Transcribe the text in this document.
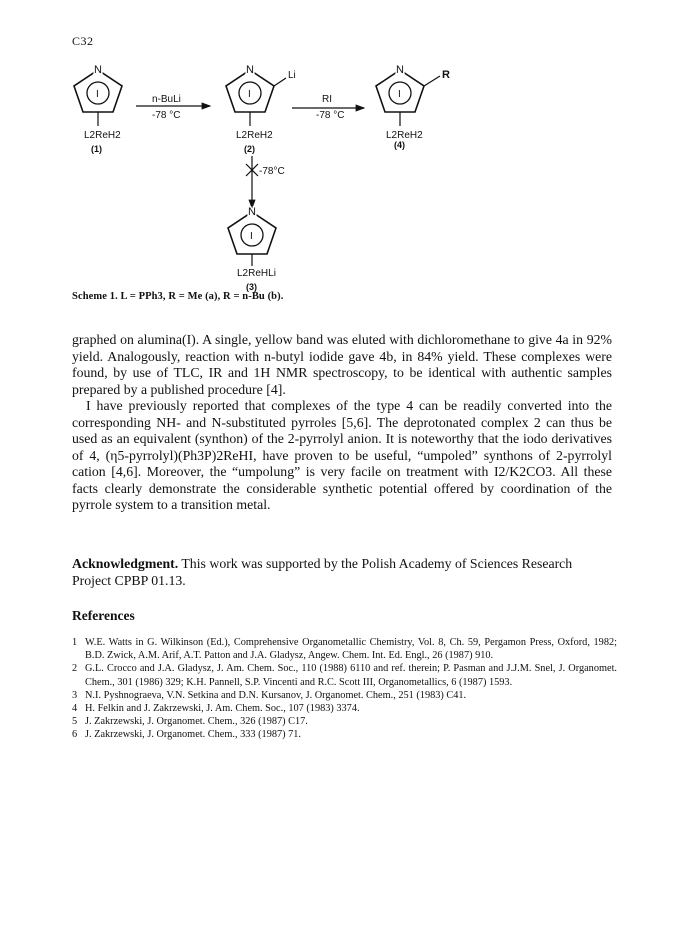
C32
I
N
L2ReH2
(1)
n-BuLi
-78 °C
I
N	Li
L2ReH2
(2)
RI
-78 °C
I
N	R
L2ReH2
(4)
-78°C
I
N
L2ReHLi
(3)
Scheme 1. L = PPh3, R = Me (a), R = n-Bu (b).

graphed on alumina(I). A single, yellow band was eluted with dichloromethane to give 4a in 92% yield. Analogously, reaction with n-butyl iodide gave 4b, in 84% yield. These complexes were found, by use of TLC, IR and 1H NMR spectroscopy, to be identical with authentic samples prepared by a published procedure [4].

I have previously reported that complexes of the type 4 can be readily converted into the corresponding NH- and N-substituted pyrroles [5,6]. The deprotonated complex 2 can thus be used as an equivalent (synthon) of the 2-pyrrolyl anion. It is noteworthy that the iodo derivatives of 4, (η5-pyrrolyl)(Ph3P)2ReHI, have proven to be useful, “umpoled” synthons of 2-pyrrolyl cation [4,6]. Moreover, the “umpolung” is very facile on treatment with I2/K2CO3. All these facts clearly demonstrate the considerable synthetic potential offered by coordination of the pyrrole system to a transition metal.

Acknowledgment. This work was supported by the Polish Academy of Sciences Research Project CPBP 01.13.
References
1 W.E. Watts in G. Wilkinson (Ed.), Comprehensive Organometallic Chemistry, Vol. 8, Ch. 59, Pergamon Press, Oxford, 1982; B.D. Zwick, A.M. Arif, A.T. Patton and J.A. Gladysz, Angew. Chem. Int. Ed. Engl., 26 (1987) 910.
2 G.L. Crocco and J.A. Gladysz, J. Am. Chem. Soc., 110 (1988) 6110 and ref. therein; P. Pasman and J.J.M. Snel, J. Organomet. Chem., 301 (1986) 329; K.H. Pannell, S.P. Vincenti and R.C. Scott III, Organometallics, 6 (1987) 1593.
3 N.I. Pyshnograeva, V.N. Setkina and D.N. Kursanov, J. Organomet. Chem., 251 (1983) C41.
4 H. Felkin and J. Zakrzewski, J. Am. Chem. Soc., 107 (1983) 3374.
5 J. Zakrzewski, J. Organomet. Chem., 326 (1987) C17.
6 J. Zakrzewski, J. Organomet. Chem., 333 (1987) 71.
